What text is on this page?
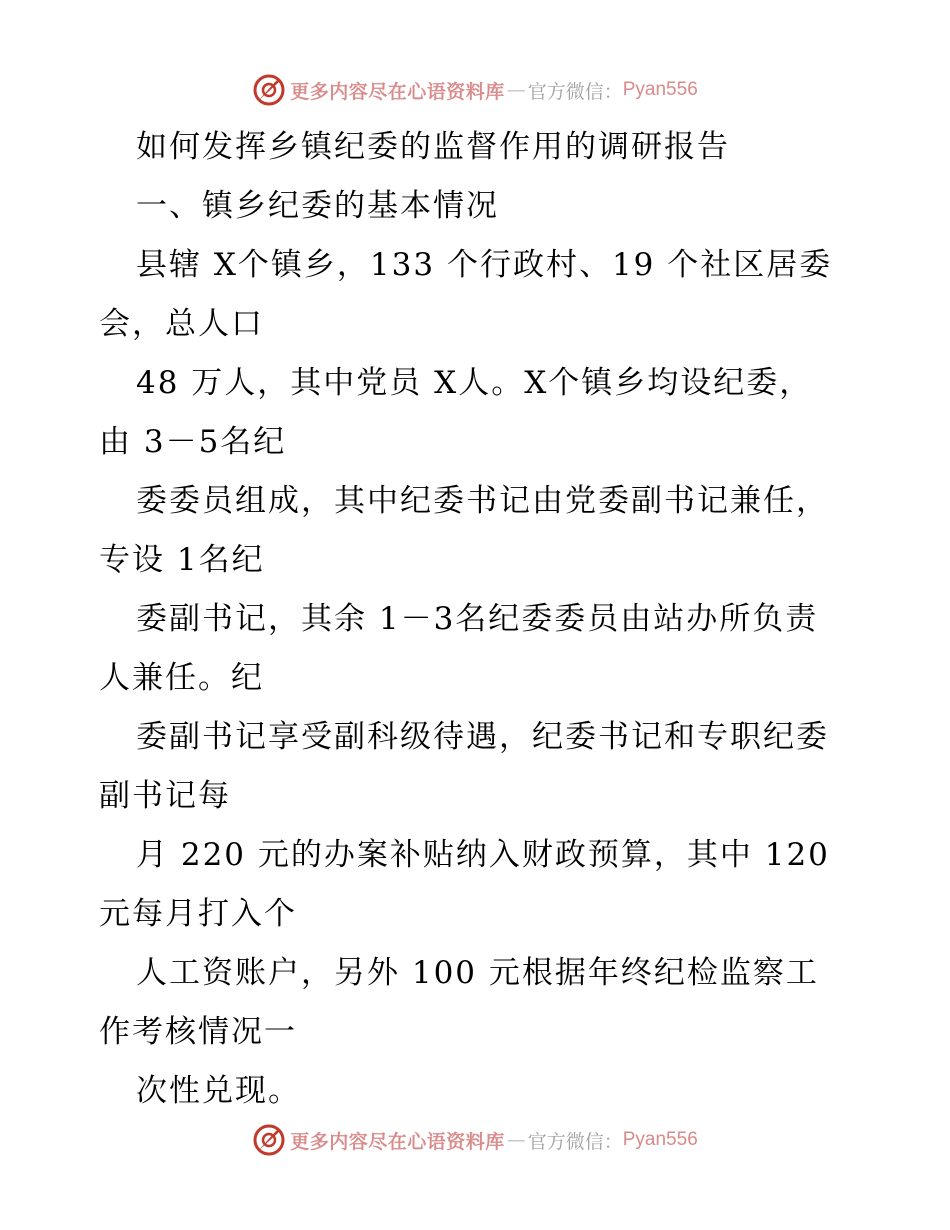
更多内容尽在心语资料库 — 官方微信： Pyan556
如何发挥乡镇纪委的监督作用的调研报告
一、镇乡纪委的基本情况
县辖 X个镇乡，133 个行政村、19 个社区居委
会，总人口
48 万人，其中党员 X人。X个镇乡均设纪委，
由 3－5名纪
委委员组成，其中纪委书记由党委副书记兼任，
专设 1名纪
委副书记，其余 1－3名纪委委员由站办所负责
人兼任。纪
委副书记享受副科级待遇，纪委书记和专职纪委
副书记每
月 220 元的办案补贴纳入财政预算，其中 120
元每月打入个
人工资账户，另外 100 元根据年终纪检监察工
作考核情况一
次性兑现。
更多内容尽在心语资料库 — 官方微信： Pyan556
